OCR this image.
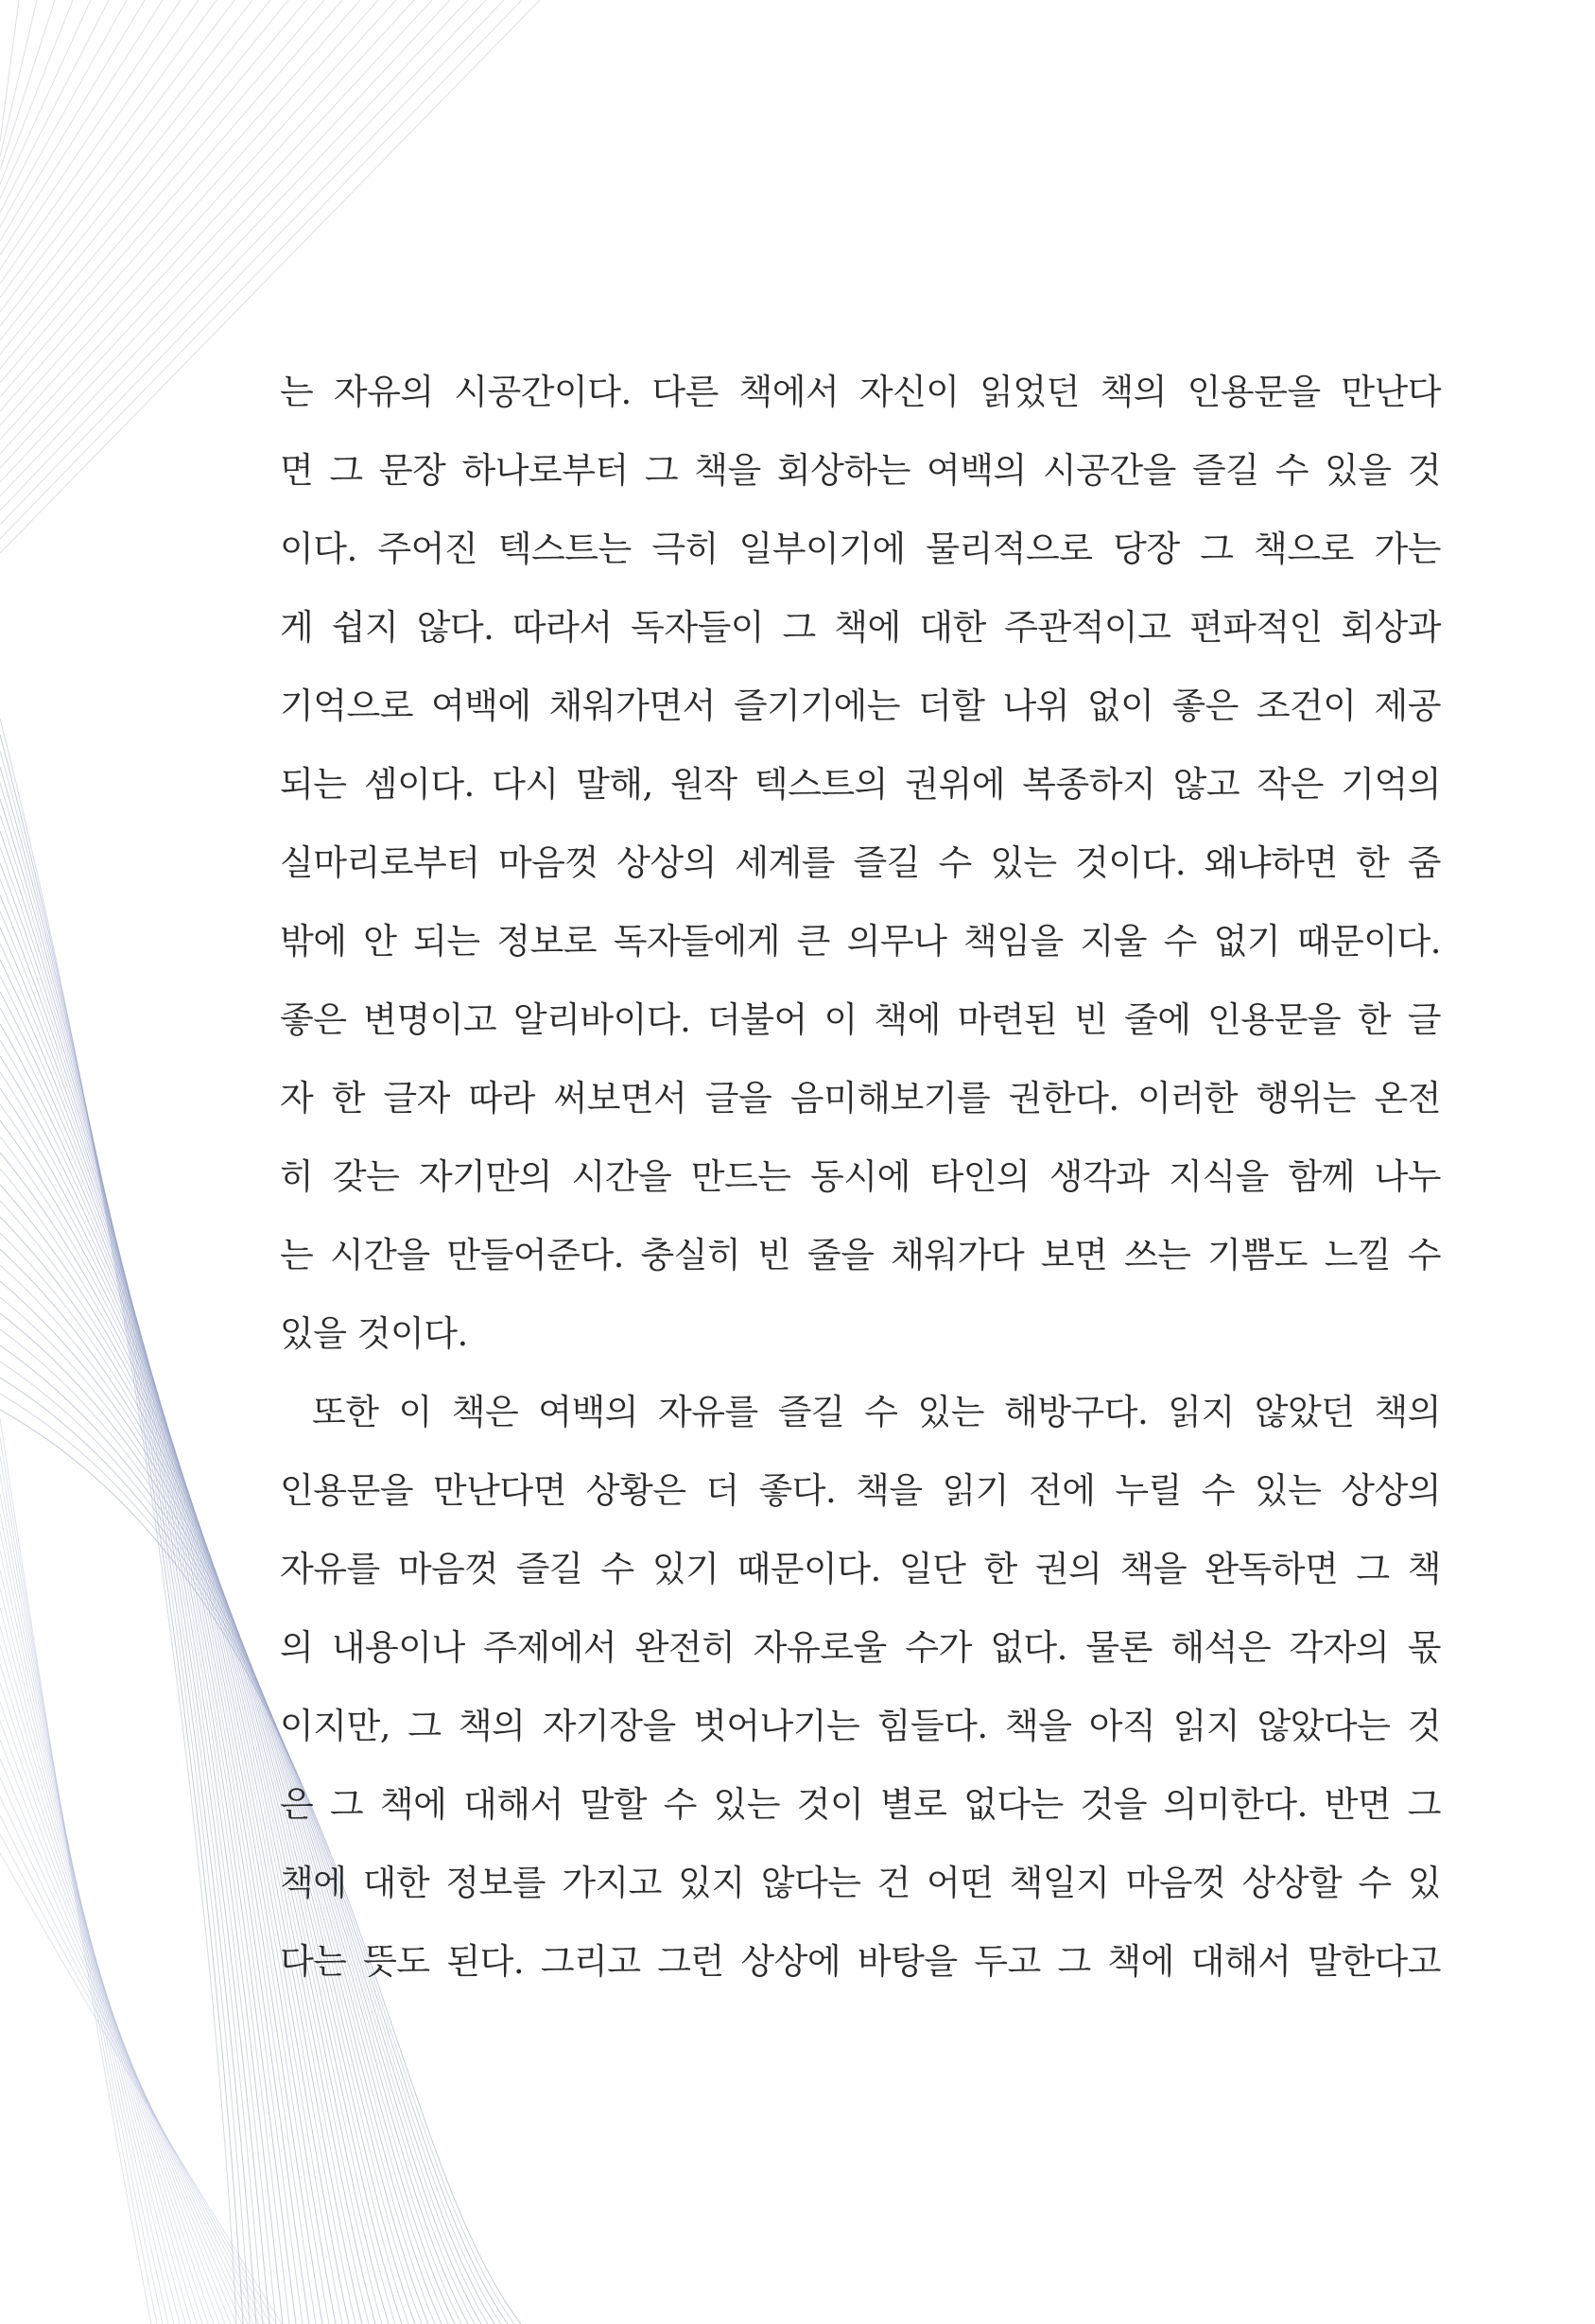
는 자유의 시공간이다. 다른 책에서 자신이 읽었던 책의 인용문을 만난다
면 그 문장 하나로부터 그 책을 회상하는 여백의 시공간을 즐길 수 있을 것
이다. 주어진 텍스트는 극히 일부이기에 물리적으로 당장 그 책으로 가는
게 쉽지 않다. 따라서 독자들이 그 책에 대한 주관적이고 편파적인 회상과
기억으로 여백에 채워가면서 즐기기에는 더할 나위 없이 좋은 조건이 제공
되는 셈이다. 다시 말해, 원작 텍스트의 권위에 복종하지 않고 작은 기억의
실마리로부터 마음껏 상상의 세계를 즐길 수 있는 것이다. 왜냐하면 한 줌
밖에 안 되는 정보로 독자들에게 큰 의무나 책임을 지울 수 없기 때문이다.
좋은 변명이고 알리바이다. 더불어 이 책에 마련된 빈 줄에 인용문을 한 글
자 한 글자 따라 써보면서 글을 음미해보기를 권한다. 이러한 행위는 온전
히 갖는 자기만의 시간을 만드는 동시에 타인의 생각과 지식을 함께 나누
는 시간을 만들어준다. 충실히 빈 줄을 채워가다 보면 쓰는 기쁨도 느낄 수
있을 것이다.
또한 이 책은 여백의 자유를 즐길 수 있는 해방구다. 읽지 않았던 책의
인용문을 만난다면 상황은 더 좋다. 책을 읽기 전에 누릴 수 있는 상상의
자유를 마음껏 즐길 수 있기 때문이다. 일단 한 권의 책을 완독하면 그 책
의 내용이나 주제에서 완전히 자유로울 수가 없다. 물론 해석은 각자의 몫
이지만, 그 책의 자기장을 벗어나기는 힘들다. 책을 아직 읽지 않았다는 것
은 그 책에 대해서 말할 수 있는 것이 별로 없다는 것을 의미한다. 반면 그
책에 대한 정보를 가지고 있지 않다는 건 어떤 책일지 마음껏 상상할 수 있
다는 뜻도 된다. 그리고 그런 상상에 바탕을 두고 그 책에 대해서 말한다고
